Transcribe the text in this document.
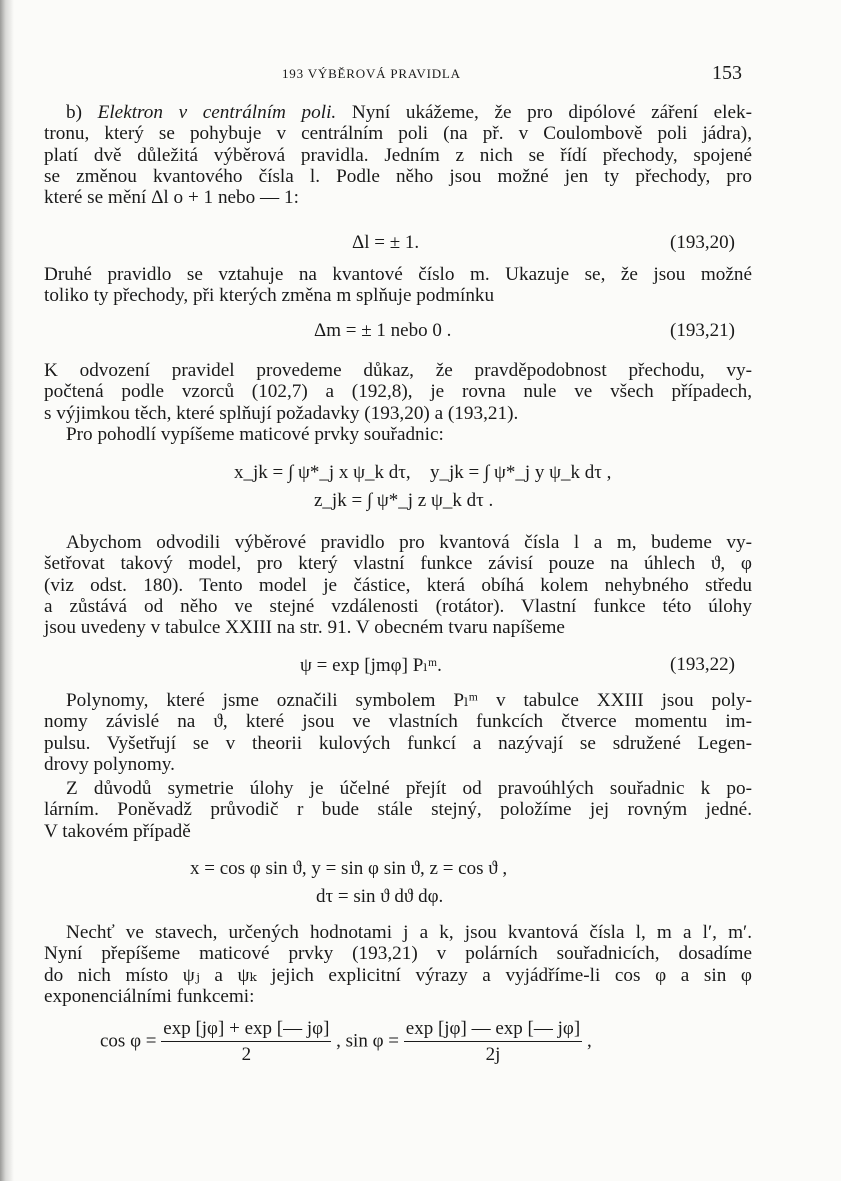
193 VÝBĚROVÁ PRAVIDLA	153
b) Elektron v centrálním poli. Nyní ukážeme, že pro dipólové záření elek-
tronu, který se pohybuje v centrálním poli (na př. v Coulombově poli jádra),
platí dvě důležitá výběrová pravidla. Jedním z nich se řídí přechody, spojené
se změnou kvantového čísla l. Podle něho jsou možné jen ty přechody, pro
které se mění Δl o + 1 nebo — 1:
Δl = ± 1.	(193,20)
Druhé pravidlo se vztahuje na kvantové číslo m. Ukazuje se, že jsou možné
toliko ty přechody, při kterých změna m splňuje podmínku
Δm = ± 1 nebo 0 .	(193,21)
K odvození pravidel provedeme důkaz, že pravděpodobnost přechodu, vy-
počtená podle vzorců (102,7) a (192,8), je rovna nule ve všech případech,
s výjimkou těch, které splňují požadavky (193,20) a (193,21).
Pro pohodlí vypíšeme maticové prvky souřadnic:
x_jk = ∫ ψ*_j x ψ_k dτ, y_jk = ∫ ψ*_j y ψ_k dτ ,
z_jk = ∫ ψ*_j z ψ_k dτ .
Abychom odvodili výběrové pravidlo pro kvantová čísla l a m, budeme vy-
šetřovat takový model, pro který vlastní funkce závisí pouze na úhlech ϑ, φ
(viz odst. 180). Tento model je částice, která obíhá kolem nehybného středu
a zůstává od něho ve stejné vzdálenosti (rotátor). Vlastní funkce této úlohy
jsou uvedeny v tabulce XXIII na str. 91. V obecném tvaru napíšeme
ψ = exp [jmφ] Pₗᵐ.	(193,22)
Polynomy, které jsme označili symbolem Pₗᵐ v tabulce XXIII jsou poly-
nomy závislé na ϑ, které jsou ve vlastních funkcích čtverce momentu im-
pulsu. Vyšetřují se v theorii kulových funkcí a nazývají se sdružené Legen-
drovy polynomy.
Z důvodů symetrie úlohy je účelné přejít od pravoúhlých souřadnic k po-
lárním. Poněvadž průvodič r bude stále stejný, položíme jej rovným jedné.
V takovém případě
x = cos φ sin ϑ, y = sin φ sin ϑ, z = cos ϑ ,
dτ = sin ϑ dϑ dφ.
Nechť ve stavech, určených hodnotami j a k, jsou kvantová čísla l, m a l′, m′.
Nyní přepíšeme maticové prvky (193,21) v polárních souřadnicích, dosadíme
do nich místo ψⱼ a ψₖ jejich explicitní výrazy a vyjádříme-li cos φ a sin φ
exponenciálními funkcemi:
$\cos \varphi = \frac{\exp [j\varphi] + \exp [— j\varphi]}{2}$ , $\sin \varphi = \frac{\exp [j\varphi] — \exp [— j\varphi]}{2j}$ ,
